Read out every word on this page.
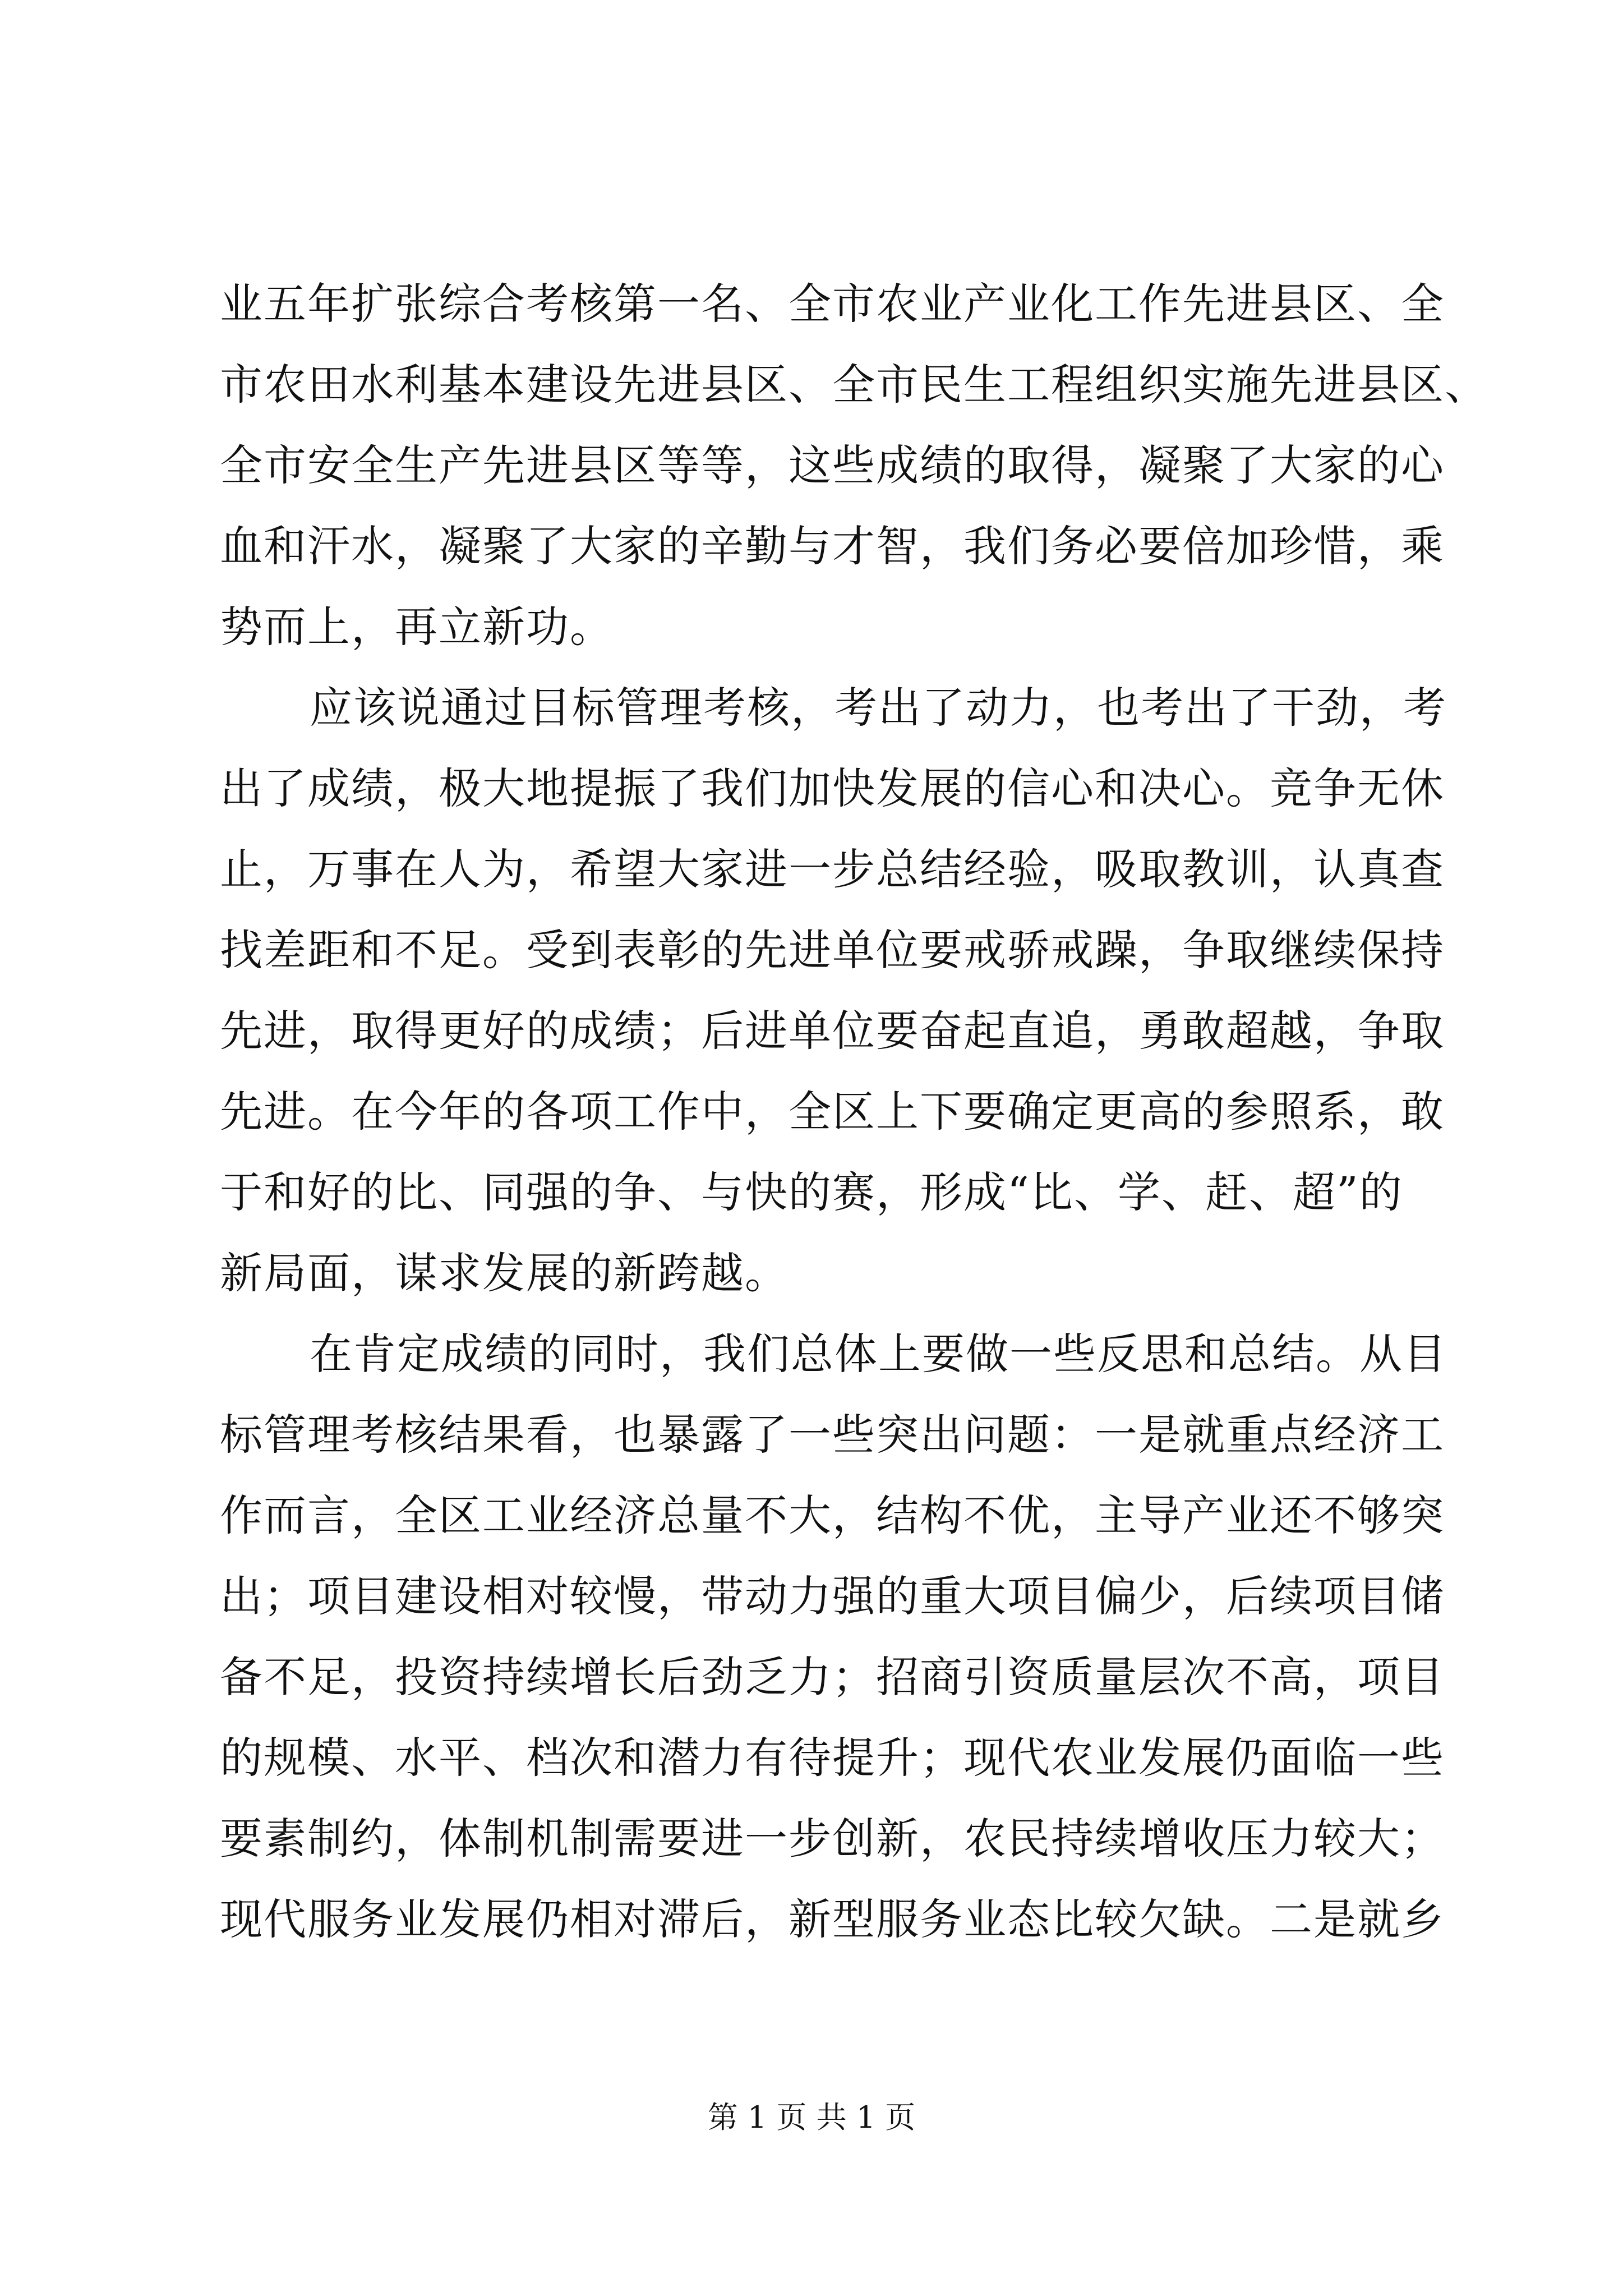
业五年扩张综合考核第一名、全市农业产业化工作先进县区、全
市农田水利基本建设先进县区、全市民生工程组织实施先进县区、
全市安全生产先进县区等等，这些成绩的取得，凝聚了大家的心
血和汗水，凝聚了大家的辛勤与才智，我们务必要倍加珍惜，乘
势而上，再立新功。
应该说通过目标管理考核，考出了动力，也考出了干劲，考
出了成绩，极大地提振了我们加快发展的信心和决心。竞争无休
止，万事在人为，希望大家进一步总结经验，吸取教训，认真查
找差距和不足。受到表彰的先进单位要戒骄戒躁，争取继续保持
先进，取得更好的成绩；后进单位要奋起直追，勇敢超越，争取
先进。在今年的各项工作中，全区上下要确定更高的参照系，敢
于和好的比、同强的争、与快的赛，形成“比、学、赶、超”的
新局面，谋求发展的新跨越。
在肯定成绩的同时，我们总体上要做一些反思和总结。从目
标管理考核结果看，也暴露了一些突出问题：一是就重点经济工
作而言，全区工业经济总量不大，结构不优，主导产业还不够突
出；项目建设相对较慢，带动力强的重大项目偏少，后续项目储
备不足，投资持续增长后劲乏力；招商引资质量层次不高，项目
的规模、水平、档次和潜力有待提升；现代农业发展仍面临一些
要素制约，体制机制需要进一步创新，农民持续增收压力较大；
现代服务业发展仍相对滞后，新型服务业态比较欠缺。二是就乡
第 1 页 共 1 页
